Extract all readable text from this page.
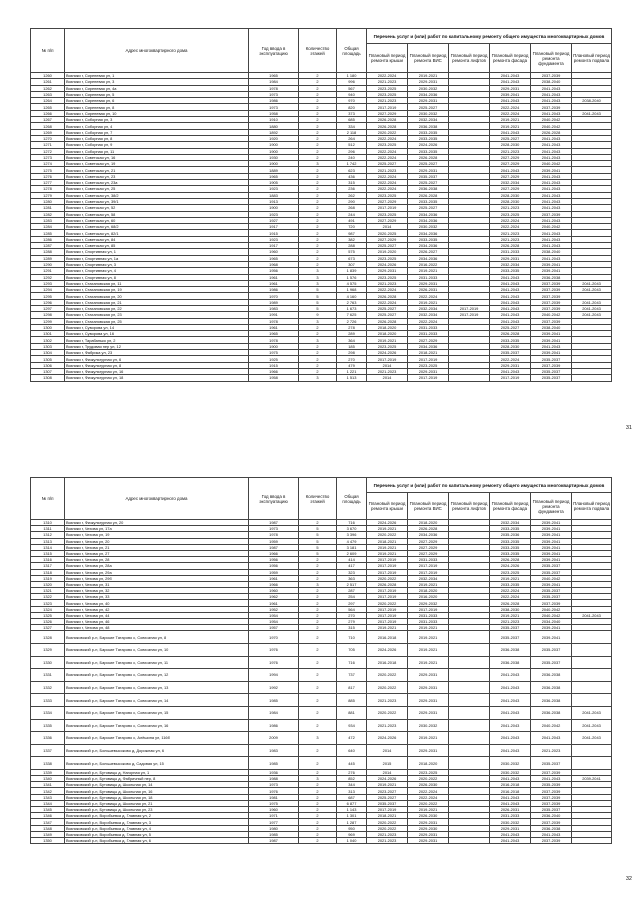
№ п/п	Адрес многоквартирного дома	Год ввода в эксплуатацию	Количество этажей	Общая площадь	Перечень услуг и (или) работ по капитальному ремонту общего имущества многоквартирных домов					
					Плановый период ремонта крыши	Плановый период ремонта ВИС	Плановый период ремонта лифтов	Плановый период ремонта фасада	Плановый период ремонта фундамента	Плановый период ремонта подвала
1260	Вязники г, Сиреневая ул, 1	1965	2	1 180	2022-2024	2019-2021		2041-2043	2037-2039	
1261	Вязники г, Сиреневая ул, 3	1984	2	996	2021-2023	2029-2031		2041-2043	2038-2040	
1262	Вязники г, Сиреневая ул, 4а	1978	2	567	2023-2025	2030-2032		2029-2031	2041-2043	
1263	Вязники г, Сиреневая ул, 5	1973	2	940	2023-2025	2034-2036		2039-2041	2041-2043	
1264	Вязники г, Сиреневая ул, 6	1986	2	970	2021-2023	2029-2031		2041-2043	2041-2043	2038-2040
1265	Вязники г, Сиреневая ул, 8	1973	2	820	2017-2019	2025-2027		2022-2024	2037-2039	
1266	Вязники г, Сиреневая ул, 10	1958	2	373	2027-2029	2030-2032		2022-2024	2041-2043	2041-2043
1267	Вязники г, Соборная ул, 3	1910	2	685	2026-2028	2032-2034		2019-2021	2040-2042	
1268	Вязники г, Соборная ул, 4	1880	2	334	2026-2028	2036-2038		2019-2021	2040-2042	
1269	Вязники г, Соборная ул, 7	1892	2	2 118	2020-2022	2033-2035		2041-2043	2026-2028	
1270	Вязники г, Соборная ул, 8	1920	2	264	2022-2024	2033-2035		2025-2027	2041-2043	
1271	Вязники г, Соборная ул, 9	1900	2	512	2023-2025	2024-2026		2028-2030	2041-2043	
1272	Вязники г, Соборная ул, 11	1900	2	296	2022-2024	2033-2035		2021-2023	2041-2043	
1273	Вязники г, Советская ул, 16	1930	2	240	2022-2024	2026-2028		2027-2029	2041-2043	
1274	Вязники г, Советская ул, 19	1900	3	1 742	2025-2027	2025-2027		2027-2029	2040-2042	
1275	Вязники г, Советская ул, 21	1889	2	623	2021-2023	2029-2031		2041-2043	2039-2041	
1276	Вязники г, Советская ул, 23	1965	2	436	2022-2024	2035-2037		2027-2029	2041-2043	
1277	Вязники г, Советская ул, 23а	1905	2	315	2022-2024	2025-2027		2032-2034	2041-2043	
1278	Вязники г, Советская ул, 25	1923	2	236	2022-2024	2036-2038		2027-2029	2041-2043	
1279	Вязники г, Советская ул, 38/2	1883	2	262	2023-2025	2026-2028		2028-2030	2041-2043	
1280	Вязники г, Советская ул, 39/1	1913	2	290	2027-2029	2033-2035		2028-2030	2041-2043	
1281	Вязники г, Советская ул, 52	1900	2	268	2017-2019	2025-2027		2021-2023	2041-2043	
1282	Вязники г, Советская ул, 58	1923	2	244	2023-2025	2034-2036		2023-2025	2037-2039	
1283	Вязники г, Советская ул, 60	1927	2	491	2027-2029	2034-2036		2022-2024	2041-2043	
1284	Вязники г, Советская ул, 68/2	1917	2	720	2014	2030-2032		2022-2024	2040-2042	
1285	Вязники г, Советская ул, 82/1	1915	2	987	2020-2025	2034-2036		2021-2023	2041-2043	
1286	Вязники г, Советская ул, 84	1923	2	382	2027-2029	2033-2035		2021-2023	2041-2043	
1287	Вязники г, Советская ул, 85	1917	2	288	2025-2027	2034-2036		2026-2028	2041-2043	
1288	Вязники г, Спортивная ул, 1	1960	2	575	2019-2020	2026-2027		2031-2033	2038-2040	
1289	Вязники г, Спортивная ул, 1а	1965	2	673	2023-2025	2034-2036		2029-2031	2041-2043	
1290	Вязники г, Спортивная ул, 3	1968	2	307	2024-2026	2016-2022		2032-2034	2039-2041	
1291	Вязники г, Спортивная ул, 4	1956	3	1 839	2029-2031	2019-2021		2033-2035	2039-2041	
1292	Вязники г, Спортивная ул, 8	1961	3	1 576	2023-2025	2031-2033		2041-2043	2036-2038	
1293	Вязники г, Стахановская ул, 11	1961	3	4 575	2021-2023	2029-2031		2041-2043	2037-2039	2041-2043
1294	Вязники г, Стахановская ул, 19	1986	5	1 968	2022-2024	2026-2031		2041-2043	2037-2039	2041-2043
1295	Вязники г, Стахановская ул, 20	1970	5	4 160	2026-2028	2022-2024		2041-2043	2037-2039	
1296	Вязники г, Стахановская ул, 21	1989	5	2 763	2022-2024	2019-2021		2041-2043	2037-2039	2041-2043
1297	Вязники г, Стахановская ул, 22	1983	5	1 673	2025-2027	2032-2034	2017-2019	2041-2043	2037-2039	2041-2043
1298	Вязники г, Стахановская ул, 23	1991	9	7 625	2025-2027	2032-2034	2017-2019	2041-2043	2040-2042	2041-2043
1299	Вязники г, Стахановская ул, 25	1978	3	2 726	2026-2028	2022-2024		2041-2043	2037-2039	
1300	Вязники г, Суворова ул, 14	1961	2	278	2018-2020	2031-2033		2025-2027	2038-2040	
1301	Вязники г, Суворова ул, 16	1965	2	289	2018-2020	2031-2033		2026-2028	2039-2041	
1302	Вязники г, Тарабанько ул, 2	1978	3	364	2019-2021	2027-2029		2033-2035	2039-2041	
1303	Вязники г, Трудовая пер ул, 12	1900	2	185	2023-2025	2034-2036		2028-2030	2041-2043	
1304	Вязники г, Фабрика ул, 23	1975	2	298	2024-2026	2018-2021		2035-2037	2039-2041	
1305	Вязники г, Физкультурная ул, 6	1925	2	270	2017-2019	2017-2019		2022-2024	2035-2037	
1306	Вязники г, Физкультурная ул, 8	1915	2	479	2014	2023-2025		2029-2031	2037-2039	
1307	Вязники г, Физкультурная ул, 16	1966	2	1 221	2021-2023	2029-2031		2041-2043	2035-2037	
1308	Вязники г, Физкультурная ул, 18	1958	3	1 513	2014	2017-2019		2017-2019	2035-2037	
31
№ п/п	Адрес многоквартирного дома	Год ввода в эксплуатацию	Количество этажей	Общая площадь	Перечень услуг и (или) работ по капитальному ремонту общего имущества многоквартирных домов					
					Плановый период ремонта крыши	Плановый период ремонта ВИС	Плановый период ремонта лифтов	Плановый период ремонта фасада	Плановый период ремонта фундамента	Плановый период ремонта подвала
1310	Вязники г, Физкультурная ул, 20	1987	2	716	2024-2026	2018-2020		2032-2034	2039-2041	
1311	Вязники г, Чехова ул, 17а	1973	5	3 670	2019-2021	2026-2028		2033-2035	2039-2041	
1312	Вязники г, Чехова ул, 19	1978	5	3 396	2020-2022	2034-2036		2035-2036	2039-2041	
1313	Вязники г, Чехова ул, 20	1959	5	4 479	2018-2021	2027-2029		2033-2035	2039-2041	
1314	Вязники г, Чехова ул, 21	1987	5	3 181	2019-2021	2027-2029		2033-2035	2039-2041	
1315	Вязники г, Чехова ул, 27	1966	5	2 609	2019-2021	2027-2029		2033-2035	2039-2041	
1316	Вязники г, Чехова ул, 28	1956	2	414	2017-2019	2031-2033		2026-2028	2039-2041	
1317	Вязники г, Чехова ул, 28а	1956	2	417	2017-2019	2017-2019		2024-2026	2035-2037	
1318	Вязники г, Чехова ул, 29а	1959	2	323	2017-2019	2017-2019		2023-2025	2035-2037	
1319	Вязники г, Чехова ул, 29б	1961	2	363	2020-2022	2032-2034		2019-2021	2040-2042	
1320	Вязники г, Чехова ул, 31	1966	3	2 517	2026-2028	2019-2021		2033-2035	2039-2041	
1321	Вязники г, Чехова ул, 32	1960	2	287	2017-2019	2018-2020		2022-2024	2035-2037	
1322	Вязники г, Чехова ул, 33	1962	2	254	2017-2019	2016-2020		2022-2024	2035-2037	
1323	Вязники г, Чехова ул, 40	1961	2	297	2020-2022	2029-2032		2026-2028	2037-2039	
1324	Вязники г, Чехова ул, 42	1952	2	564	2017-2019	2017-2019		2038-2030	2040-2042	
1325	Вязники г, Чехова ул, 44	1954	2	270	2017-2019	2031-2033		2019-2021	2040-2042	2041-2043
1326	Вязники г, Чехова ул, 46	1954	2	279	2017-2019	2031-2033		2021-2023	2034-2040	
1327	Вязники г, Чехова ул, 48	1957	2	315	2019-2021	2019-2021		2035-2037	2039-2041	
1328	Вязниковский р-н, Барские Татарово с, Совхозная ул, 8	1970	2	710	2016-2018	2019-2021		2035-2037	2039-2041	
1329	Вязниковский р-н, Барские Татарово с, Совхозная ул, 10	1976	2	705	2024-2026	2019-2021		2036-2038	2035-2037	
1330	Вязниковский р-н, Барские Татарово с, Совхозная ул, 11	1976	2	716	2016-2018	2019-2021		2036-2038	2035-2037	
1331	Вязниковский р-н, Барские Татарово с, Совхозная ул, 12	1994	2	737	2020-2022	2029-2031		2041-2043	2036-2038	
1332	Вязниковский р-н, Барские Татарово с, Совхозная ул, 13	1992	2	817	2020-2022	2029-2031		2041-2043	2036-2038	
1333	Вязниковский р-н, Барские Татарово с, Совхозная ул, 14	1985	2	885	2021-2023	2029-2031		2041-2043	2036-2038	
1334	Вязниковский р-н, Барские Татарово с, Совхозная ул, 15	1984	2	881	2020-2022	2029-2031		2041-2043	2036-2038	2041-2043
1335	Вязниковский р-н, Барские Татарово с, Совхозная ул, 16	1986	2	934	2021-2023	2030-2032		2041-2043	2040-2042	2041-2043
1336	Вязниковский р-н, Барские Татарово с, Алёшина ул, 116б	2009	3	472	2024-2026	2019-2021		2041-2043	2041-2043	2041-2043
1337	Вязниковский р-н, Большевысоково д, Дорожная ул, 6	1983	2	640	2014	2029-2031		2041-2043	2021-2023	
1338	Вязниковский р-н, Большевысоково д, Садовая ул, 15	1985	2	445	2015	2018-2020		2030-2032	2035-2037	
1339	Вязниковский р-н, Бутовицы д, Нагорная ул, 1	1936	2	276	2014	2023-2025		2030-2032	2037-2039	
1340	Вязниковский р-н, Бутовицы д, Фабричный пер, 8	1988	3	852	2024-2026	2020-2022		2041-2043	2041-2043	2039-2041
1341	Вязниковский р-н, Бутовицы д, Школьная ул, 14	1973	2	344	2019-2021	2026-2030		2016-2018	2035-2039	
1342	Вязниковский р-н, Бутовицы д, Школьная ул, 16	1976	2	313	2023-2027	2022-2024		2016-2018	2037-2039	
1343	Вязниковский р-н, Бутовицы д, Школьная ул, 18	1981	2	687	2025-2027	2022-2024		2041-2043	2037-2039	
1344	Вязниковский р-н, Бутовицы д, Школьная ул, 21	1975	2	6 877	2035-2037	2020-2022		2041-2043	2037-2039	
1345	Вязниковский р-н, Бутовицы д, Школьная ул, 23	1960	2	1 143	2017-2019	2019-2021		2026-2031	2035-2037	
1346	Вязниковский р-н, Воробьевка д, Главная ул, 2	1971	2	1 301	2018-2021	2026-2030		2031-2033	2036-2040	
1347	Вязниковский р-н, Воробьевка д, Главная ул, 3	1977	2	1 287	2020-2022	2029-2031		2030-2032	2037-2039	
1348	Вязниковский р-н, Воробьевка д, Главная ул, 4	1980	2	950	2020-2022	2029-2030		2029-2031	2036-2038	
1349	Вязниковский р-н, Воробьевка д, Главная ул, 5	1985	2	969	2021-2023	2029-2031		2041-2043	2041-2043	
1350	Вязниковский р-н, Воробьевка д, Главная ул, 6	1987	2	1 040	2021-2023	2029-2031		2041-2043	2037-2039	
32
